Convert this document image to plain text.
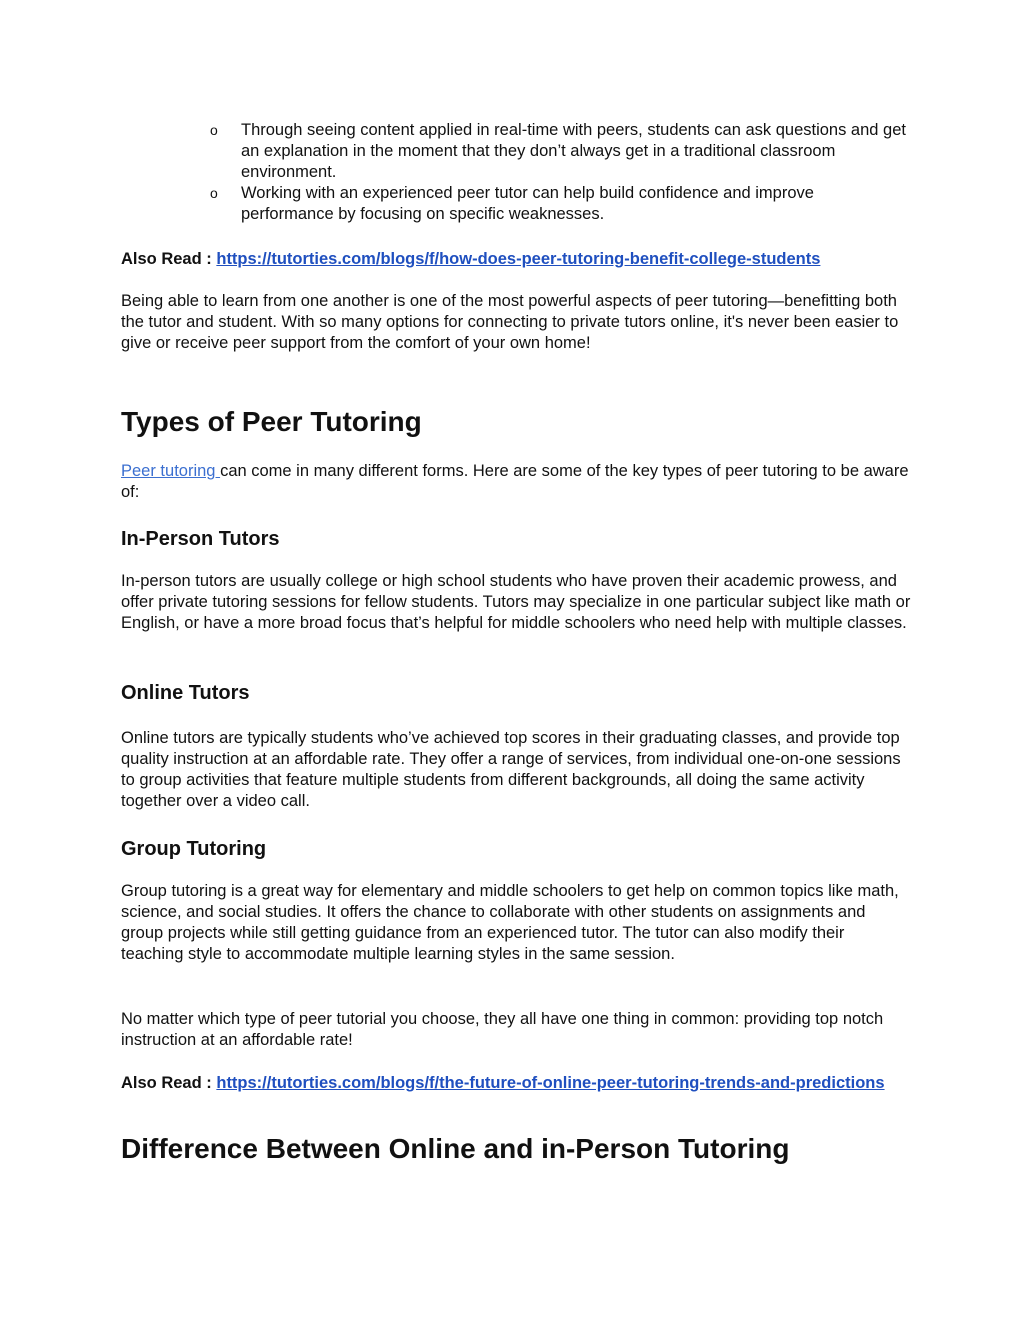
o Through seeing content applied in real-time with peers, students can ask questions and get an explanation in the moment that they don’t always get in a traditional classroom environment.
o Working with an experienced peer tutor can help build confidence and improve performance by focusing on specific weaknesses.

Also Read : https://tutorties.com/blogs/f/how-does-peer-tutoring-benefit-college-students

Being able to learn from one another is one of the most powerful aspects of peer tutoring—benefitting both the tutor and student. With so many options for connecting to private tutors online, it's never been easier to give or receive peer support from the comfort of your own home!

Types of Peer Tutoring

Peer tutoring can come in many different forms. Here are some of the key types of peer tutoring to be aware of:

In-Person Tutors

In-person tutors are usually college or high school students who have proven their academic prowess, and offer private tutoring sessions for fellow students. Tutors may specialize in one particular subject like math or English, or have a more broad focus that’s helpful for middle schoolers who need help with multiple classes.

Online Tutors

Online tutors are typically students who’ve achieved top scores in their graduating classes, and provide top quality instruction at an affordable rate. They offer a range of services, from individual one-on-one sessions to group activities that feature multiple students from different backgrounds, all doing the same activity together over a video call.

Group Tutoring

Group tutoring is a great way for elementary and middle schoolers to get help on common topics like math, science, and social studies. It offers the chance to collaborate with other students on assignments and group projects while still getting guidance from an experienced tutor. The tutor can also modify their teaching style to accommodate multiple learning styles in the same session.

No matter which type of peer tutorial you choose, they all have one thing in common: providing top notch instruction at an affordable rate!

Also Read : https://tutorties.com/blogs/f/the-future-of-online-peer-tutoring-trends-and-predictions

Difference Between Online and in-Person Tutoring
